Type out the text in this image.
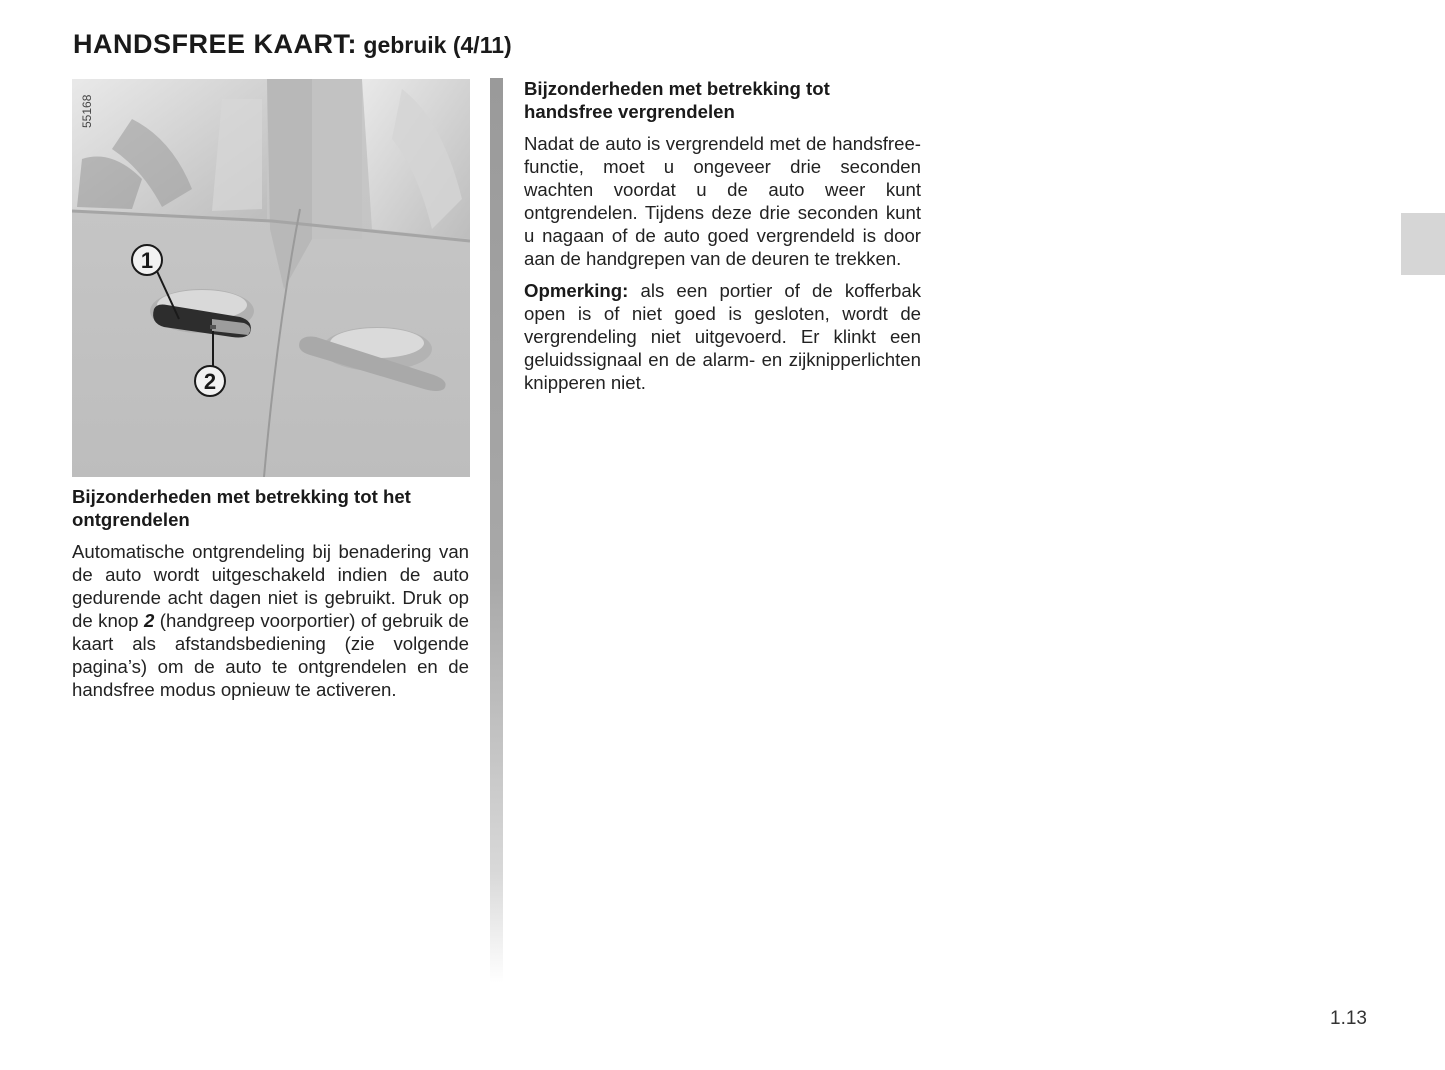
HANDSFREE KAART: gebruik (4/11)
55168
1
2
Bijzonderheden met betrekking tot het ontgrendelen

Automatische ontgrendeling bij benadering van de auto wordt uitgeschakeld indien de auto gedurende acht dagen niet is gebruikt. Druk op de knop 2 (handgreep voorportier) of gebruik de kaart als afstandsbediening (zie volgende pagina’s) om de auto te ontgrendelen en de handsfree modus opnieuw te activeren.

Bijzonderheden met betrekking tot handsfree vergrendelen

Nadat de auto is vergrendeld met de handsfree-functie, moet u ongeveer drie seconden wachten voordat u de auto weer kunt ontgrendelen. Tijdens deze drie seconden kunt u nagaan of de auto goed vergrendeld is door aan de handgrepen van de deuren te trekken.

Opmerking: als een portier of de kofferbak open is of niet goed is gesloten, wordt de vergrendeling niet uitgevoerd. Er klinkt een geluidssignaal en de alarm- en zijknipperlichten knipperen niet.

1.13
